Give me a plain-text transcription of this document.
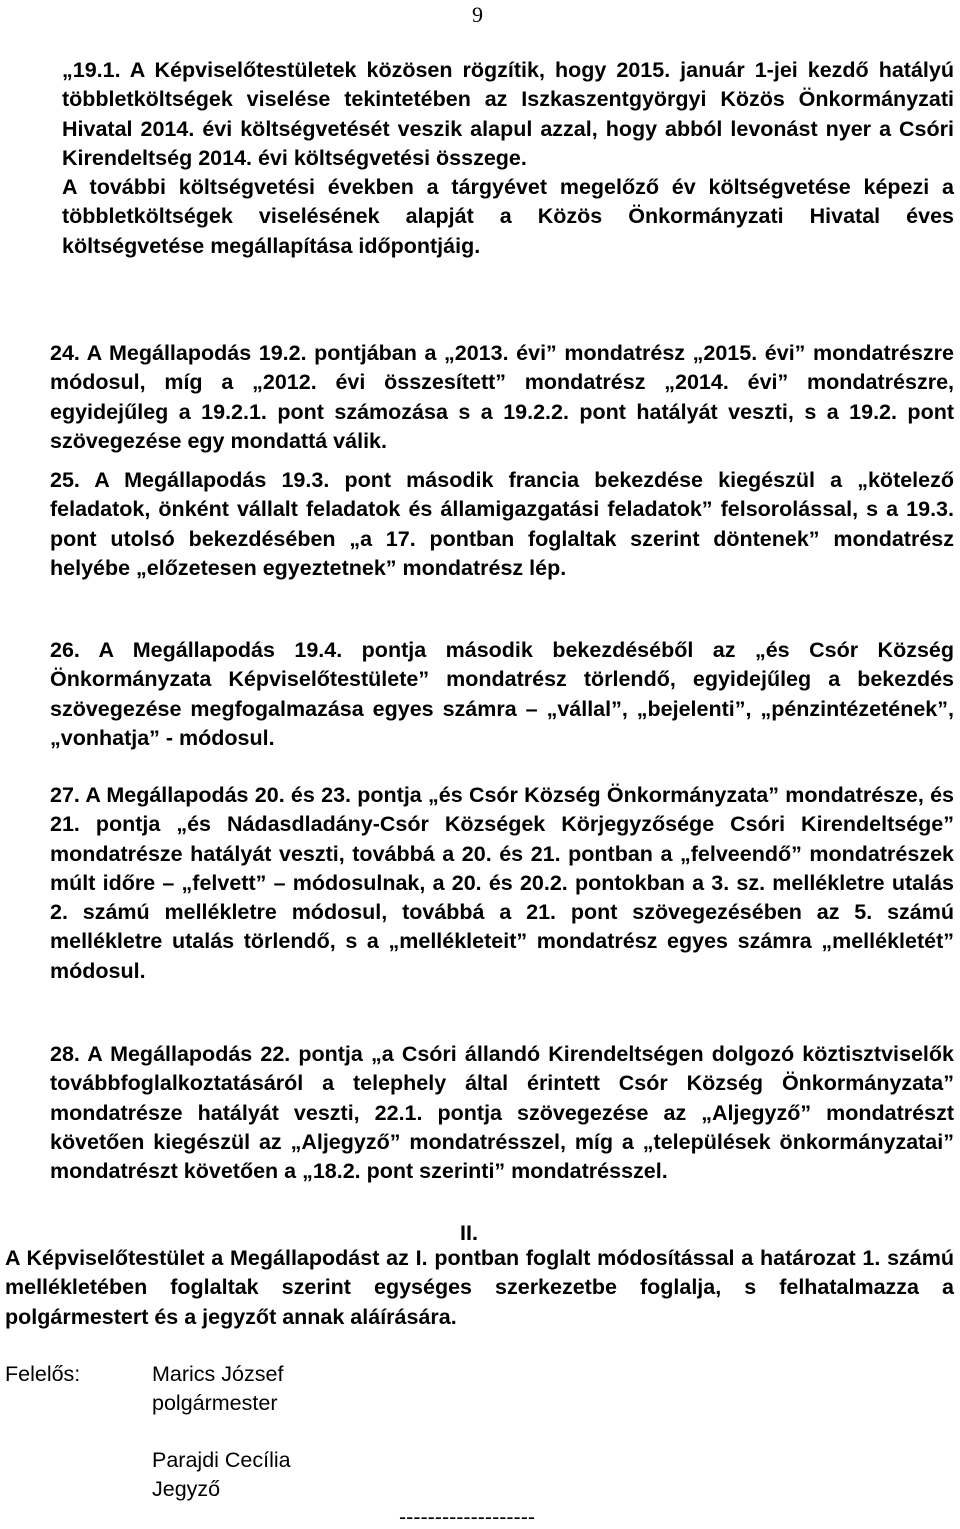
9
„19.1. A Képviselőtestületek közösen rögzítik, hogy 2015. január 1-jei kezdő hatályú többletköltségek viselése tekintetében az Iszkaszentgyörgyi Közös Önkormányzati Hivatal 2014. évi költségvetését veszik alapul azzal, hogy abból levonást nyer a Csóri Kirendeltség 2014. évi költségvetési összege.
A további költségvetési években a tárgyévet megelőző év költségvetése képezi a többletköltségek viselésének alapját a Közös Önkormányzati Hivatal éves költségvetése megállapítása időpontjáig.
24. A Megállapodás 19.2. pontjában a „2013. évi” mondatrész „2015. évi” mondatrészre módosul, míg a „2012. évi összesített” mondatrész „2014. évi” mondatrészre, egyidejűleg a 19.2.1. pont számozása s a 19.2.2. pont hatályát veszti, s a 19.2. pont szövegezése egy mondattá válik.
25. A Megállapodás 19.3. pont második francia bekezdése kiegészül a „kötelező feladatok, önként vállalt feladatok és államigazgatási feladatok” felsorolással, s a 19.3. pont utolsó bekezdésében „a 17. pontban foglaltak szerint döntenek” mondatrész helyébe „előzetesen egyeztetnek” mondatrész lép.
26. A Megállapodás 19.4. pontja második bekezdéséből az „és Csór Község Önkormányzata Képviselőtestülete” mondatrész törlendő, egyidejűleg a bekezdés szövegezése megfogalmazása egyes számra – „vállal”, „bejelenti”, „pénzintézetének”, „vonhatja” - módosul.
27. A Megállapodás 20. és 23. pontja „és Csór Község Önkormányzata” mondatrésze, és 21. pontja „és Nádasdladány-Csór Községek Körjegyzősége Csóri Kirendeltsége” mondatrésze hatályát veszti, továbbá a 20. és 21. pontban a „felveendő” mondatrészek múlt időre – „felvett” – módosulnak, a 20. és 20.2. pontokban a 3. sz. mellékletre utalás 2. számú mellékletre módosul, továbbá a 21. pont szövegezésében az 5. számú mellékletre utalás törlendő, s a „mellékleteit” mondatrész egyes számra „mellékletét” módosul.
28. A Megállapodás 22. pontja „a Csóri állandó Kirendeltségen dolgozó köztisztviselők továbbfoglalkoztatásáról a telephely által érintett Csór Község Önkormányzata” mondatrésze hatályát veszti, 22.1. pontja szövegezése az „Aljegyző” mondatrészt követően kiegészül az „Aljegyző” mondatrésszel, míg a „települések önkormányzatai” mondatrészt követően a „18.2. pont szerinti” mondatrésszel.
II.
A Képviselőtestület a Megállapodást az I. pontban foglalt módosítással a határozat 1. számú mellékletében foglaltak szerint egységes szerkezetbe foglalja, s felhatalmazza a polgármestert és a jegyzőt annak aláírására.
Felelős:	Marics József
polgármester
Parajdi Cecília
Jegyző
-------------------
